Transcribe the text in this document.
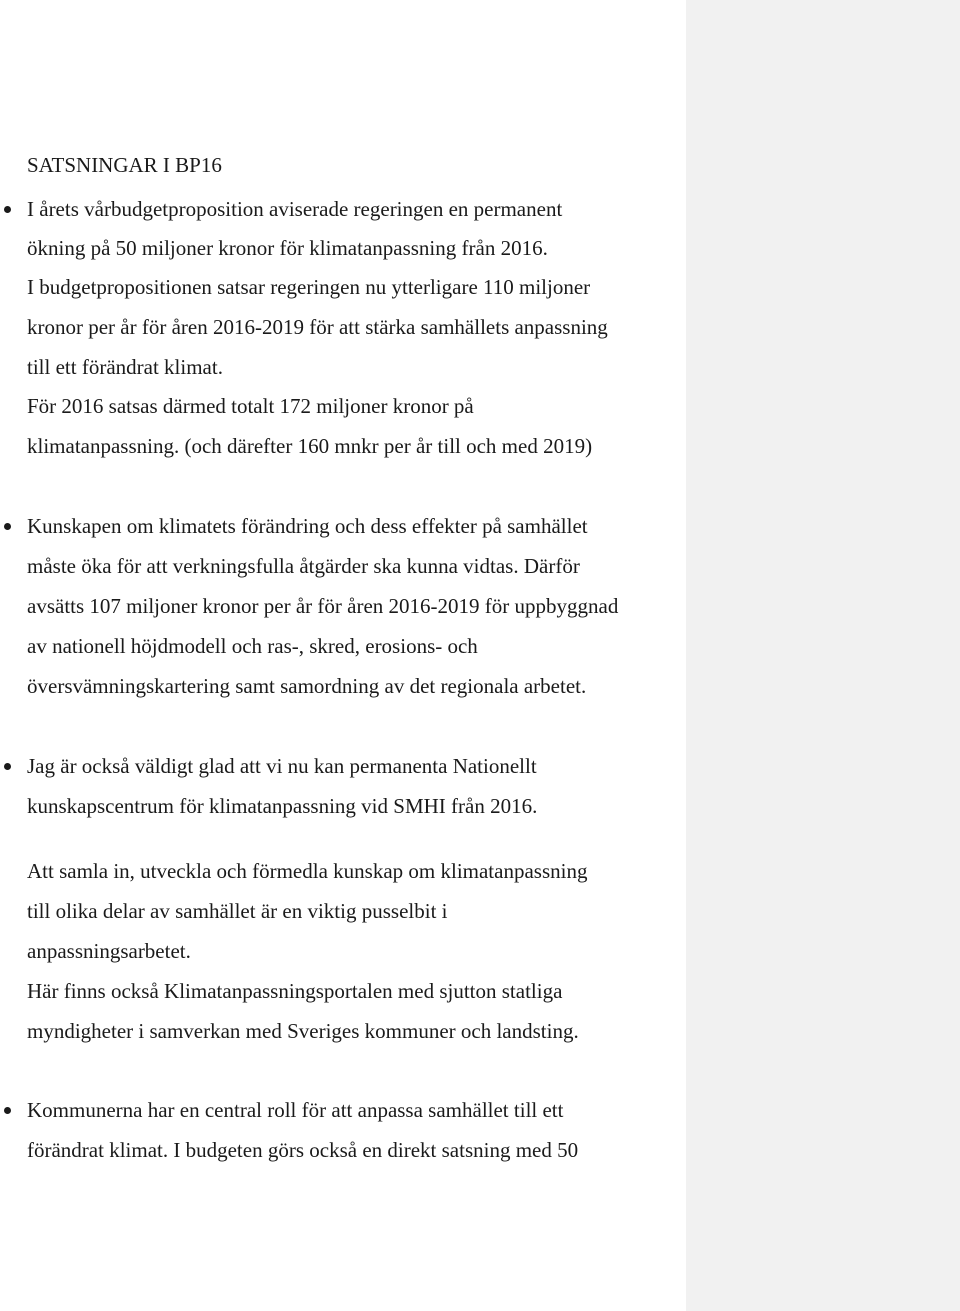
SATSNINGAR I BP16

I årets vårbudgetproposition aviserade regeringen en permanent

ökning på 50 miljoner kronor för klimatanpassning från 2016.

I budgetpropositionen satsar regeringen nu ytterligare 110 miljoner

kronor per år för åren 2016-2019 för att stärka samhällets anpassning

till ett förändrat klimat.

För 2016 satsas därmed totalt 172 miljoner kronor på

klimatanpassning. (och därefter 160 mnkr per år till och med 2019)

Kunskapen om klimatets förändring och dess effekter på samhället

måste öka för att verkningsfulla åtgärder ska kunna vidtas. Därför

avsätts 107 miljoner kronor per år för åren 2016-2019 för uppbyggnad

av nationell höjdmodell och ras-, skred, erosions- och

översvämningskartering samt samordning av det regionala arbetet.

Jag är också väldigt glad att vi nu kan permanenta Nationellt

kunskapscentrum för klimatanpassning vid SMHI från 2016.

Att samla in, utveckla och förmedla kunskap om klimatanpassning

till olika delar av samhället är en viktig pusselbit i

anpassningsarbetet.

Här finns också Klimatanpassningsportalen med sjutton statliga

myndigheter i samverkan med Sveriges kommuner och landsting.

Kommunerna har en central roll för att anpassa samhället till ett

förändrat klimat. I budgeten görs också en direkt satsning med 50
